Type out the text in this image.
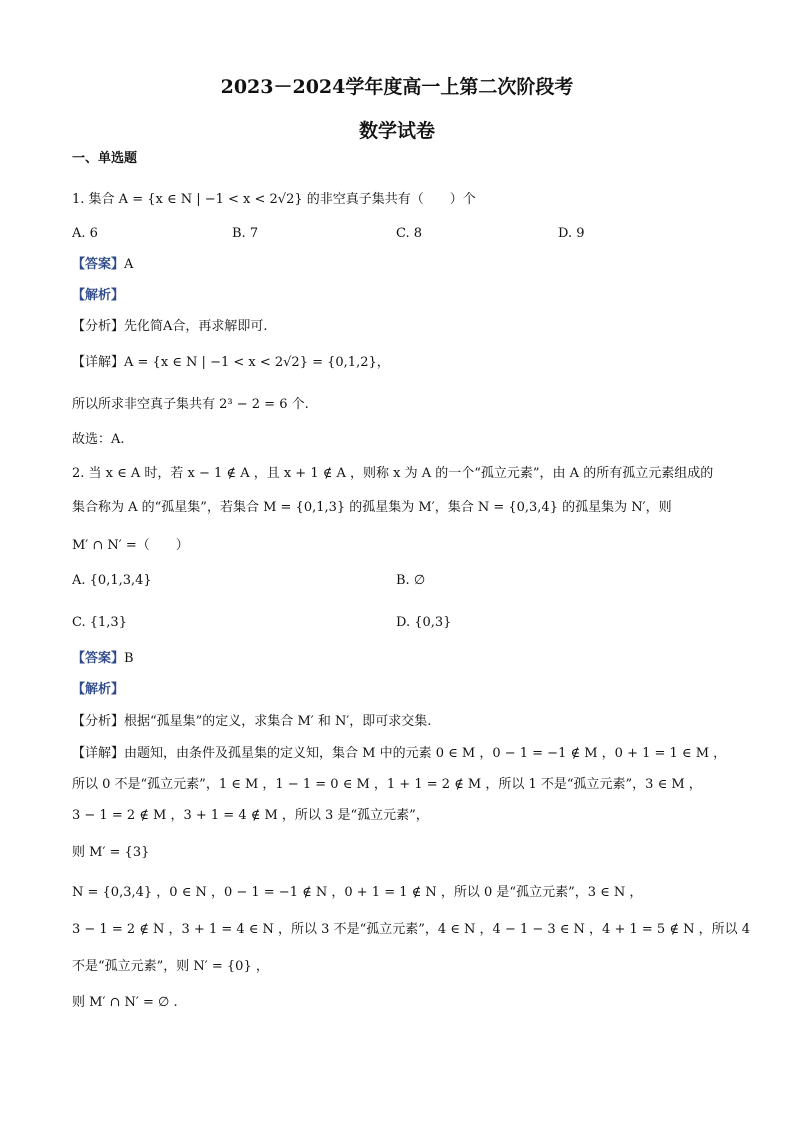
2023－2024学年度高一上第二次阶段考
数学试卷
一、单选题
1. 集合 A = {x ∈ N | −1 < x < 2√2} 的非空真子集共有（　　）个
A. 6	B. 7	C. 8	D. 9
【答案】A
【解析】
【分析】先化简A合，再求解即可.
【详解】A = {x ∈ N | −1 < x < 2√2} = {0,1,2}，
所以所求非空真子集共有 2³ − 2 = 6 个.
故选：A.
2. 当 x ∈ A 时，若 x − 1 ∉ A ，且 x + 1 ∉ A ，则称 x 为 A 的一个“孤立元素”，由 A 的所有孤立元素组成的
集合称为 A 的“孤星集”，若集合 M = {0,1,3} 的孤星集为 M′，集合 N = {0,3,4} 的孤星集为 N′，则
M′ ∩ N′ =（　　）
A. {0,1,3,4}	B. ∅
C. {1,3}	D. {0,3}
【答案】B
【解析】
【分析】根据“孤星集”的定义，求集合 M′ 和 N′，即可求交集.
【详解】由题知，由条件及孤星集的定义知，集合 M 中的元素 0 ∈ M ，0 − 1 = −1 ∉ M ，0 + 1 = 1 ∈ M ，
所以 0 不是“孤立元素”，1 ∈ M ，1 − 1 = 0 ∈ M ，1 + 1 = 2 ∉ M ，所以 1 不是“孤立元素”，3 ∈ M ，
3 − 1 = 2 ∉ M ，3 + 1 = 4 ∉ M ，所以 3 是“孤立元素”，
则 M′ = {3}
N = {0,3,4} ，0 ∈ N ，0 − 1 = −1 ∉ N ，0 + 1 = 1 ∉ N ，所以 0 是“孤立元素”，3 ∈ N ，
3 − 1 = 2 ∉ N ，3 + 1 = 4 ∈ N ，所以 3 不是“孤立元素”，4 ∈ N ，4 − 1 − 3 ∈ N ，4 + 1 = 5 ∉ N ，所以 4
不是“孤立元素”，则 N′ = {0} ，
则 M′ ∩ N′ = ∅ .
